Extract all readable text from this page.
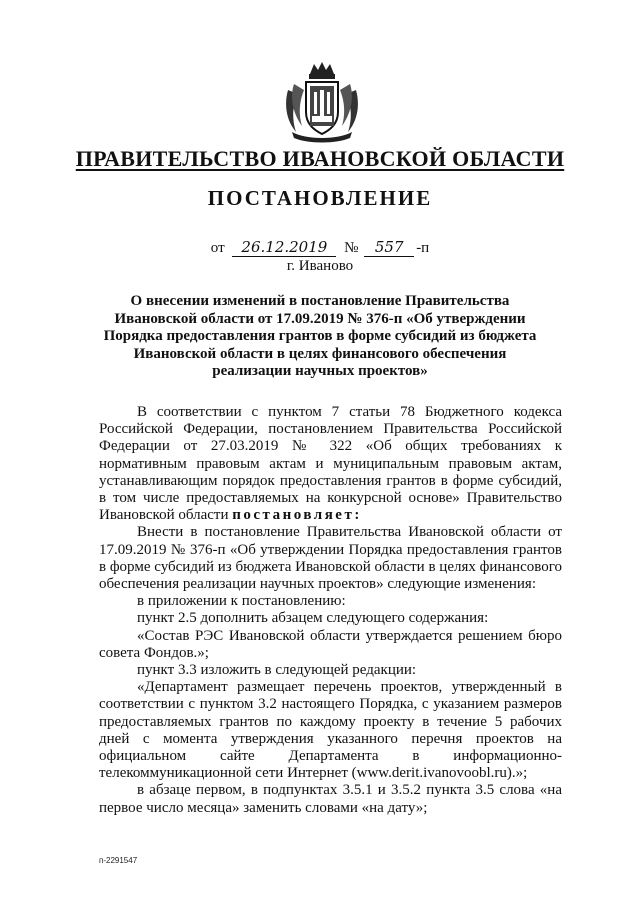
ПРАВИТЕЛЬСТВО ИВАНОВСКОЙ ОБЛАСТИ
ПОСТАНОВЛЕНИЕ
от 26.12.2019 № 557 -п
г. Иваново
О внесении изменений в постановление Правительства
Ивановской области от 17.09.2019 № 376-п «Об утверждении
Порядка предоставления грантов в форме субсидий из бюджета
Ивановской области в целях финансового обеспечения
реализации научных проектов»

В соответствии с пунктом 7 статьи 78 Бюджетного кодекса Российской Федерации, постановлением Правительства Российской Федерации от 27.03.2019 № 322 «Об общих требованиях к нормативным правовым актам и муниципальным правовым актам, устанавливающим порядок предоставления грантов в форме субсидий, в том числе предоставляемых на конкурсной основе» Правительство Ивановской области постановляет:

Внести в постановление Правительства Ивановской области от 17.09.2019 № 376-п «Об утверждении Порядка предоставления грантов в форме субсидий из бюджета Ивановской области в целях финансового обеспечения реализации научных проектов» следующие изменения:

в приложении к постановлению:

пункт 2.5 дополнить абзацем следующего содержания:

«Состав РЭС Ивановской области утверждается решением бюро совета Фондов.»;

пункт 3.3 изложить в следующей редакции:

«Департамент размещает перечень проектов, утвержденный в соответствии с пунктом 3.2 настоящего Порядка, с указанием размеров предоставляемых грантов по каждому проекту в течение 5 рабочих дней с момента утверждения указанного перечня проектов на официальном сайте Департамента в информационно-телекоммуникационной сети Интернет (www.derit.ivanovoobl.ru).»;

в абзаце первом, в подпунктах 3.5.1 и 3.5.2 пункта 3.5 слова «на первое число месяца» заменить словами «на дату»;

п-2291547
